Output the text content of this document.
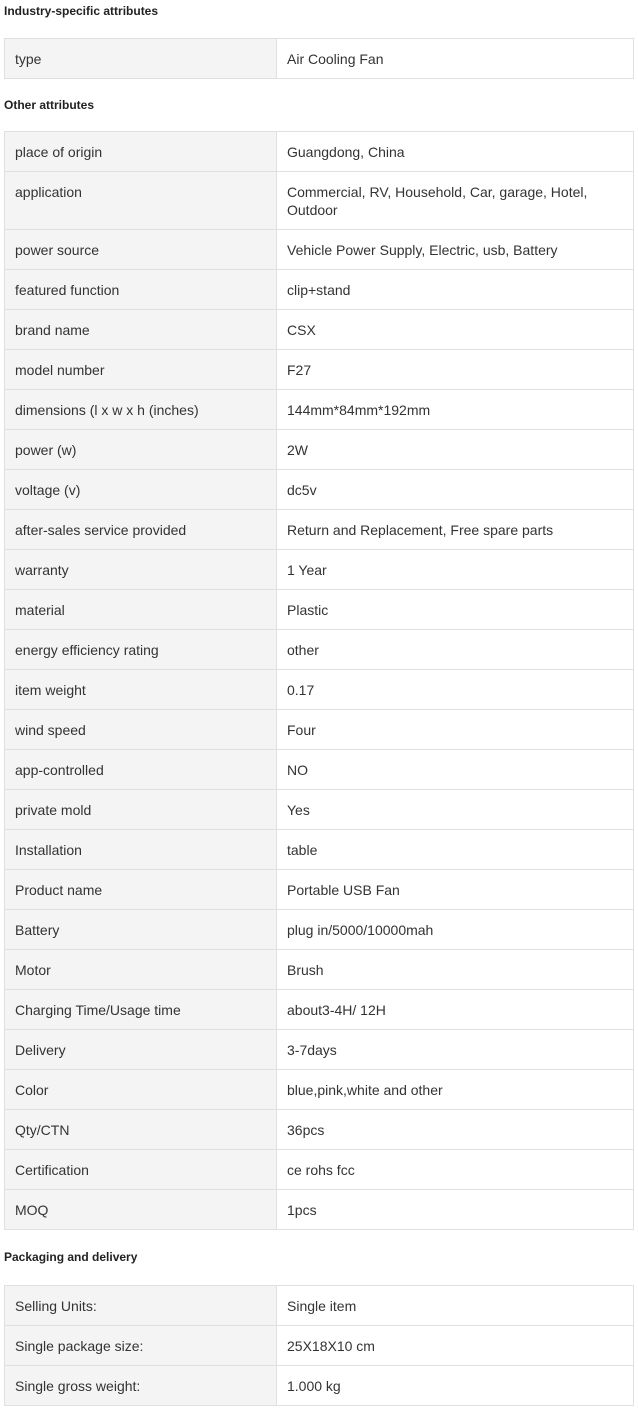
Industry-specific attributes
type	Air Cooling Fan
Other attributes
place of origin	Guangdong, China
application	Commercial, RV, Household, Car, garage, Hotel, Outdoor
power source	Vehicle Power Supply, Electric, usb, Battery
featured function	clip+stand
brand name	CSX
model number	F27
dimensions (l x w x h (inches)	144mm*84mm*192mm
power (w)	2W
voltage (v)	dc5v
after-sales service provided	Return and Replacement, Free spare parts
warranty	1 Year
material	Plastic
energy efficiency rating	other
item weight	0.17
wind speed	Four
app-controlled	NO
private mold	Yes
Installation	table
Product name	Portable USB Fan
Battery	plug in/5000/10000mah
Motor	Brush
Charging Time/Usage time	about3-4H/ 12H
Delivery	3-7days
Color	blue,pink,white and other
Qty/CTN	36pcs
Certification	ce rohs fcc
MOQ	1pcs
Packaging and delivery
Selling Units:	Single item
Single package size:	25X18X10 cm
Single gross weight:	1.000 kg
